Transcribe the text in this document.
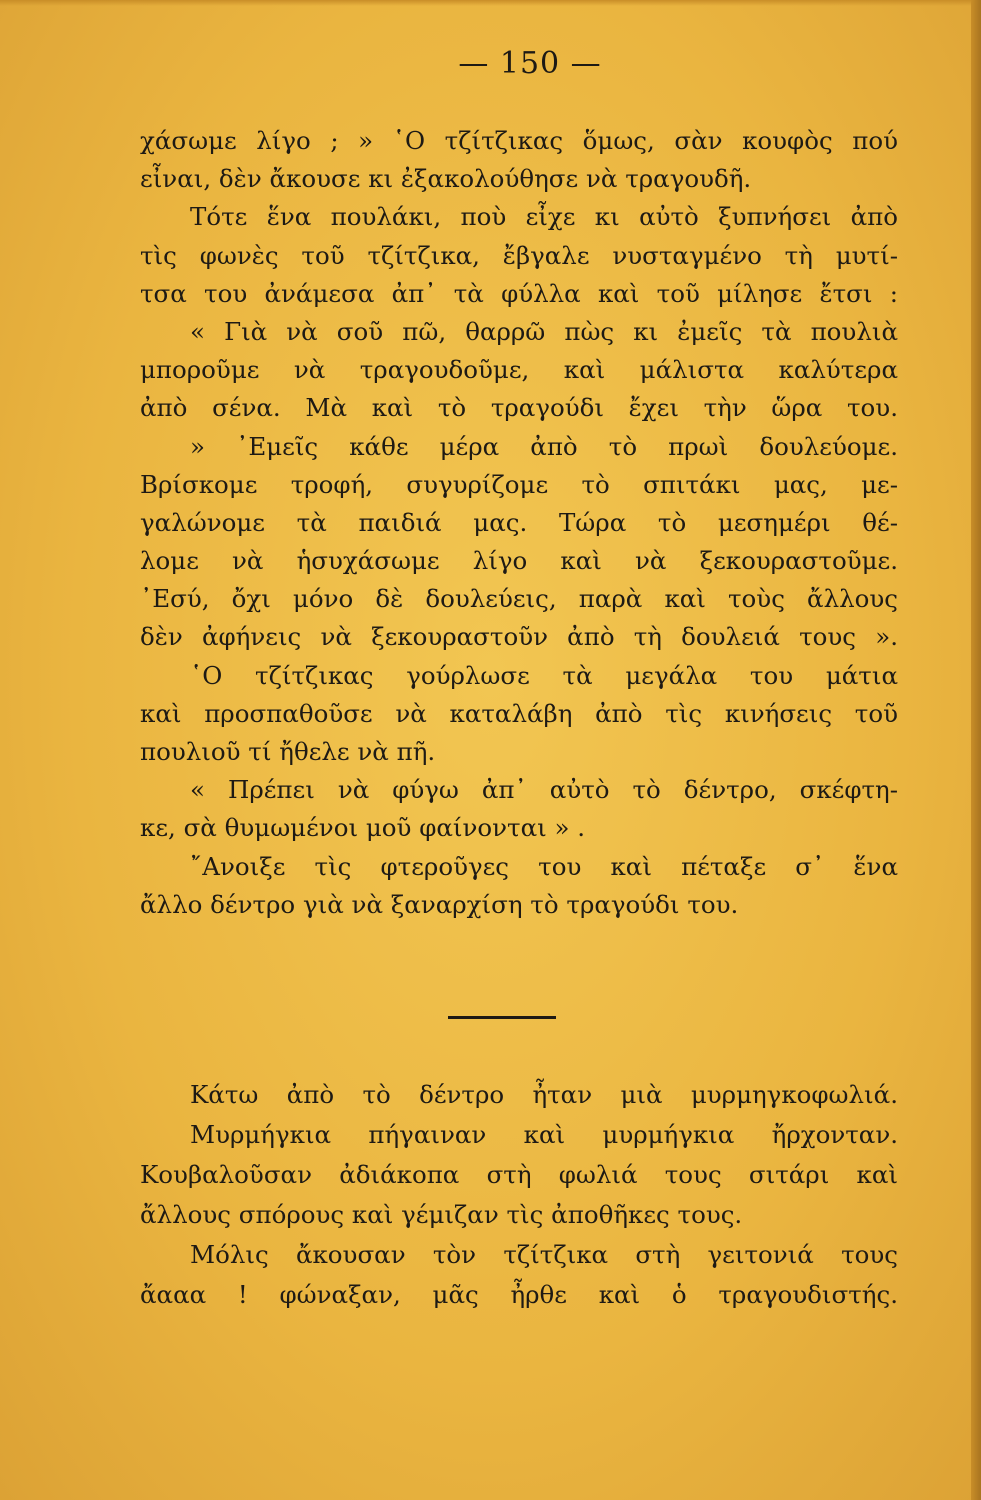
— 150 —
χάσωμε λίγο ; » ῾Ο τζίτζικας ὅμως, σὰν κουφὸς πού
εἶναι, δὲν ἄκουσε κι ἐξακολούθησε νὰ τραγουδῆ.
Τότε ἕνα πουλάκι, ποὺ εἶχε κι αὐτὸ ξυπνήσει ἀπὸ
τὶς φωνὲς τοῦ τζίτζικα, ἔβγαλε νυσταγμένο τὴ μυτί-
τσα του ἀνάμεσα ἀπ᾿ τὰ φύλλα καὶ τοῦ μίλησε ἔτσι :
« Γιὰ νὰ σοῦ πῶ, θαρρῶ πὼς κι ἐμεῖς τὰ πουλιὰ
μποροῦμε νὰ τραγουδοῦμε, καὶ μάλιστα καλύτερα
ἀπὸ σένα. Μὰ καὶ τὸ τραγούδι ἔχει τὴν ὥρα του.
» ᾿Εμεῖς κάθε μέρα ἀπὸ τὸ πρωὶ δουλεύομε.
Βρίσκομε τροφή, συγυρίζομε τὸ σπιτάκι μας, με-
γαλώνομε τὰ παιδιά μας. Τώρα τὸ μεσημέρι θέ-
λομε νὰ ἡσυχάσωμε λίγο καὶ νὰ ξεκουραστοῦμε.
᾿Εσύ, ὄχι μόνο δὲ δουλεύεις, παρὰ καὶ τοὺς ἄλλους
δὲν ἀφήνεις νὰ ξεκουραστοῦν ἀπὸ τὴ δουλειά τους ».
῾Ο τζίτζικας γούρλωσε τὰ μεγάλα του μάτια
καὶ προσπαθοῦσε νὰ καταλάβη ἀπὸ τὶς κινήσεις τοῦ
πουλιοῦ τί ἤθελε νὰ πῆ.
« Πρέπει νὰ φύγω ἀπ᾿ αὐτὸ τὸ δέντρο, σκέφτη-
κε, σὰ θυμωμένοι μοῦ φαίνονται » .
῎Ανοιξε τὶς φτεροῦγες του καὶ πέταξε σ᾿ ἕνα
ἄλλο δέντρο γιὰ νὰ ξαναρχίση τὸ τραγούδι του.
Κάτω ἀπὸ τὸ δέντρο ἦταν μιὰ μυρμηγκοφωλιά.
Μυρμήγκια πήγαιναν καὶ μυρμήγκια ἤρχονταν.
Κουβαλοῦσαν ἀδιάκοπα στὴ φωλιά τους σιτάρι καὶ
ἄλλους σπόρους καὶ γέμιζαν τὶς ἀποθῆκες τους.
Μόλις ἄκουσαν τὸν τζίτζικα στὴ γειτονιά τους
ἄααα ! φώναξαν, μᾶς ἦρθε καὶ ὁ τραγουδιστής.
